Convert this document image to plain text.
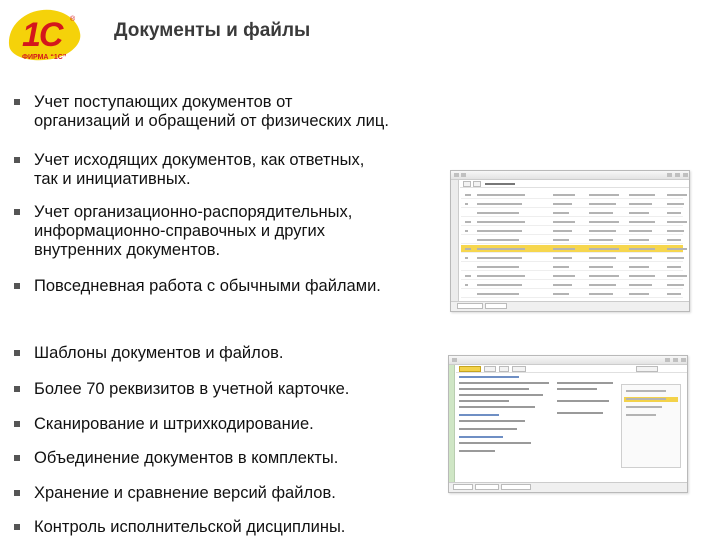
1С ®
ФИРМА “1С”
Документы и файлы
Учет поступающих документов от
организаций и обращений от физических лиц.
Учет исходящих документов, как ответных,
так и инициативных.
Учет организационно-распорядительных,
информационно-справочных и других
внутренних документов.
Повседневная работа с обычными файлами.
Шаблоны документов и файлов.
Более 70 реквизитов в учетной карточке.
Сканирование и штрихкодирование.
Объединение документов в комплекты.
Хранение и сравнение версий файлов.
Контроль исполнительской дисциплины.
